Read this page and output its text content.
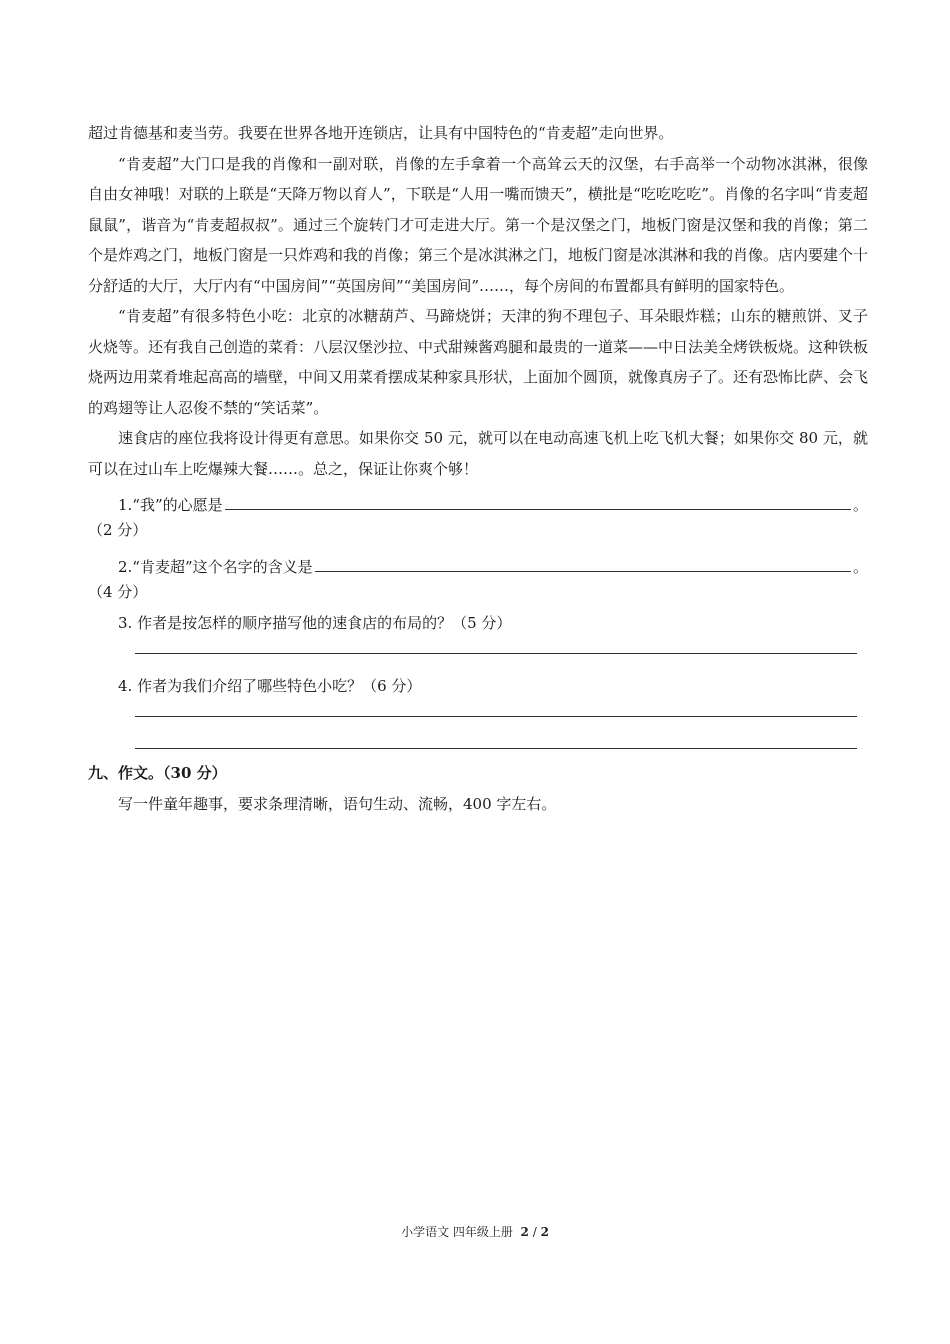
超过肯德基和麦当劳。我要在世界各地开连锁店，让具有中国特色的“肯麦超”走向世界。

“肯麦超”大门口是我的肖像和一副对联，肖像的左手拿着一个高耸云天的汉堡，右手高举一个动物冰淇淋，很像自由女神哦！对联的上联是“天降万物以育人”，下联是“人用一嘴而馈天”，横批是“吃吃吃吃”。肖像的名字叫“肯麦超鼠鼠”，谐音为“肯麦超叔叔”。通过三个旋转门才可走进大厅。第一个是汉堡之门，地板门窗是汉堡和我的肖像；第二个是炸鸡之门，地板门窗是一只炸鸡和我的肖像；第三个是冰淇淋之门，地板门窗是冰淇淋和我的肖像。店内要建个十分舒适的大厅，大厅内有“中国房间”“英国房间”“美国房间”……，每个房间的布置都具有鲜明的国家特色。

“肯麦超”有很多特色小吃：北京的冰糖葫芦、马蹄烧饼；天津的狗不理包子、耳朵眼炸糕；山东的糖煎饼、叉子火烧等。还有我自己创造的菜肴：八层汉堡沙拉、中式甜辣酱鸡腿和最贵的一道菜——中日法美全烤铁板烧。这种铁板烧两边用菜肴堆起高高的墙壁，中间又用菜肴摆成某种家具形状，上面加个圆顶，就像真房子了。还有恐怖比萨、会飞的鸡翅等让人忍俊不禁的“笑话菜”。

速食店的座位我将设计得更有意思。如果你交 50 元，就可以在电动高速飞机上吃飞机大餐；如果你交 80 元，就可以在过山车上吃爆辣大餐……。总之，保证让你爽个够！

1.“我”的心愿是	。
（2 分）
2.“肯麦超”这个名字的含义是	。
（4 分）
3. 作者是按怎样的顺序描写他的速食店的布局的？（5 分）
4. 作者为我们介绍了哪些特色小吃？（6 分）
九、作文。（30 分）

写一件童年趣事，要求条理清晰，语句生动、流畅，400 字左右。

小学语文 四年级上册 2 / 2
